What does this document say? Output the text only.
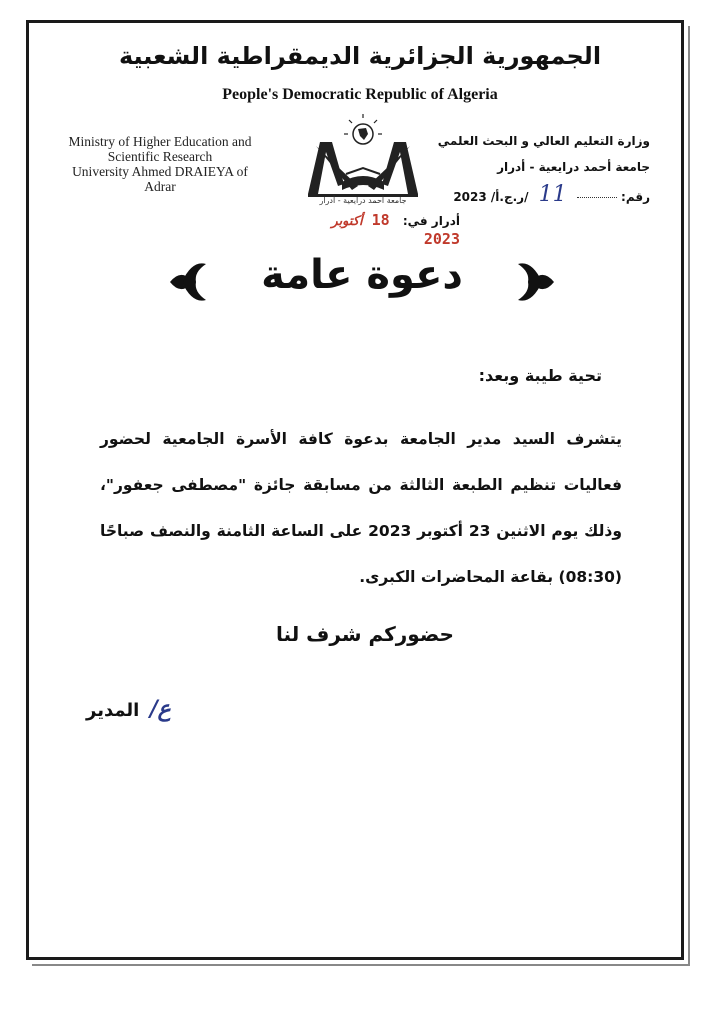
الجمهورية الجزائرية الديمقراطية الشعبية
People's Democratic Republic of Algeria
Ministry of Higher Education and
Scientific Research
University Ahmed DRAIEYA of
Adrar
وزارة التعليم العالي و البحث العلمي
جامعة أحمد درايعية - أدرار
رقم:  11 /ر.ج.أ/ 2023
جامعة أحمد درايعية - أدرار
أدرار في: 18 أكتوبر 2023
دعوة عامة
تحية طيبة وبعد:
يتشرف السيد مدير الجامعة بدعوة كافة الأسرة الجامعية لحضور فعاليات تنظيم الطبعة الثالثة من مسابقة جائزة "مصطفى جعفور"، وذلك يوم الاثنين 23 أكتوبر 2023 على الساعة الثامنة والنصف صباحًا (08:30) بقاعة المحاضرات الكبرى.
حضوركم شرف لنا
ع/ المدير
